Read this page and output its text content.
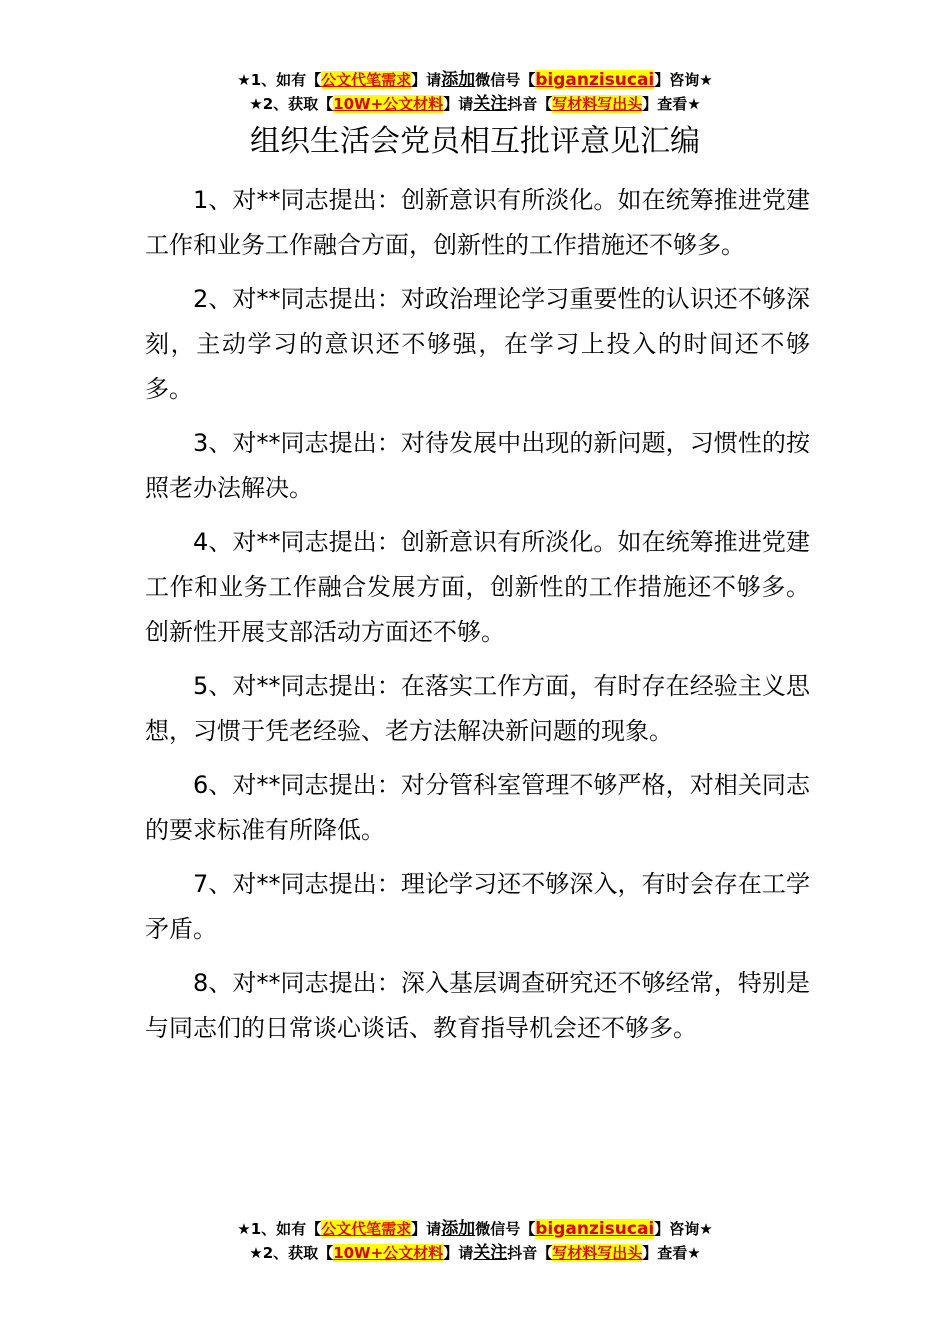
★1、如有【公文代笔需求】请添加微信号【biganzisucai】咨询★
★2、获取【10W+公文材料】请关注抖音【写材料写出头】查看★
组织生活会党员相互批评意见汇编

1、对**同志提出：创新意识有所淡化。如在统筹推进党建工作和业务工作融合方面，创新性的工作措施还不够多。

2、对**同志提出：对政治理论学习重要性的认识还不够深刻，主动学习的意识还不够强，在学习上投入的时间还不够多。

3、对**同志提出：对待发展中出现的新问题，习惯性的按照老办法解决。

4、对**同志提出：创新意识有所淡化。如在统筹推进党建工作和业务工作融合发展方面，创新性的工作措施还不够多。创新性开展支部活动方面还不够。

5、对**同志提出：在落实工作方面，有时存在经验主义思想，习惯于凭老经验、老方法解决新问题的现象。

6、对**同志提出：对分管科室管理不够严格，对相关同志的要求标准有所降低。

7、对**同志提出：理论学习还不够深入，有时会存在工学矛盾。

8、对**同志提出：深入基层调查研究还不够经常，特别是与同志们的日常谈心谈话、教育指导机会还不够多。

★1、如有【公文代笔需求】请添加微信号【biganzisucai】咨询★
★2、获取【10W+公文材料】请关注抖音【写材料写出头】查看★
